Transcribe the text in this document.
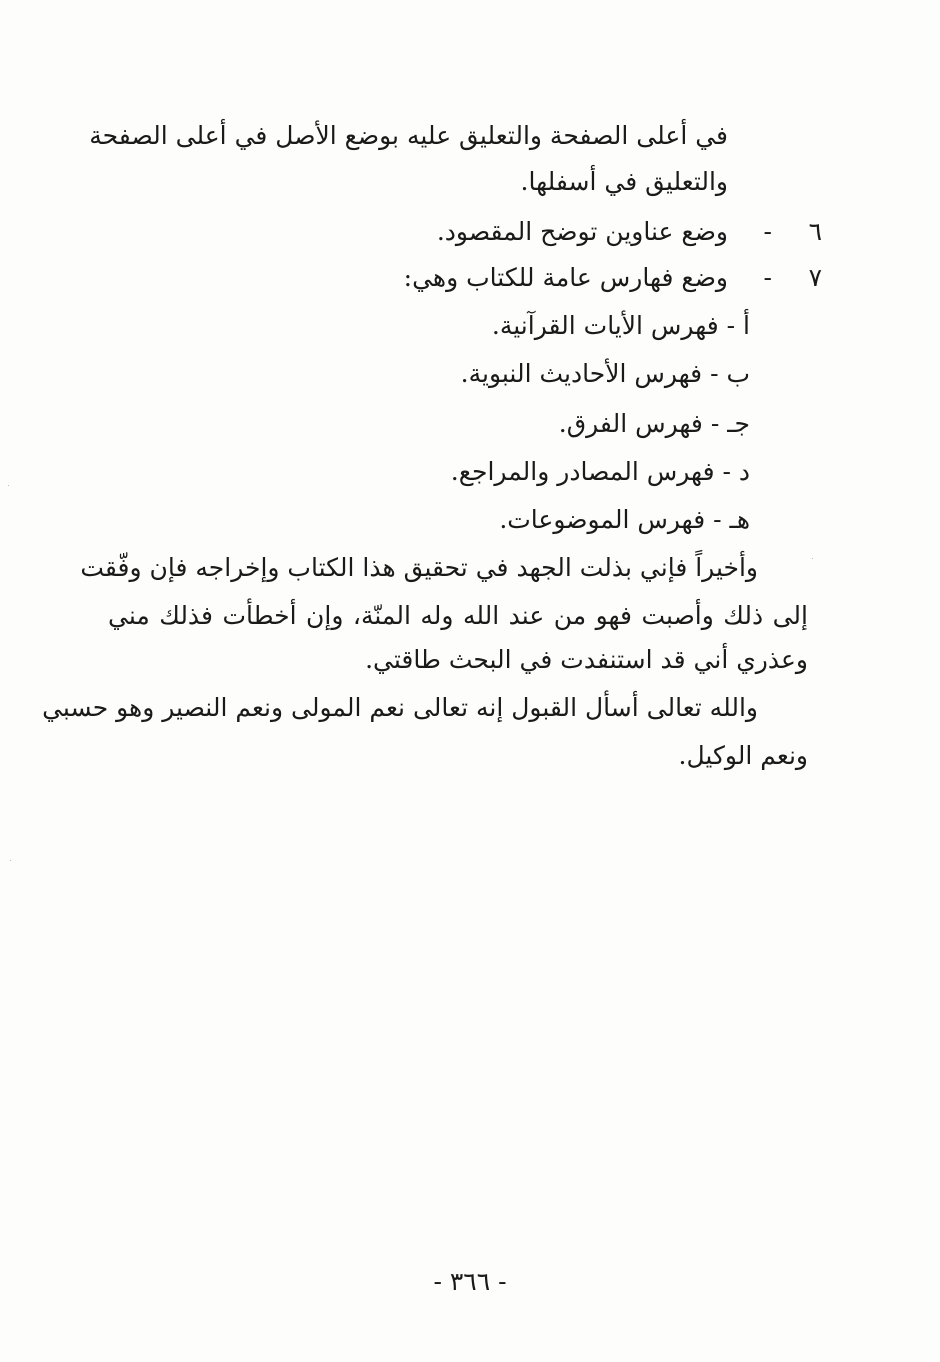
في أعلى الصفحة والتعليق عليه بوضع الأصل في أعلى الصفحة
والتعليق في أسفلها.
٦
-
وضع عناوين توضح المقصود.
٧
-
وضع فهارس عامة للكتاب وهي:
أ - فهرس الأيات القرآنية.
ب - فهرس الأحاديث النبوية.
جـ - فهرس الفرق.
د - فهرس المصادر والمراجع.
هـ - فهرس الموضوعات.
وأخيراً فإني بذلت الجهد في تحقيق هذا الكتاب وإخراجه فإن وفّقت
إلى ذلك وأصبت فهو من عند الله وله المنّة، وإن أخطأت فذلك مني
وعذري أني قد استنفدت في البحث طاقتي.
والله تعالى أسأل القبول إنه تعالى نعم المولى ونعم النصير وهو حسبي
ونعم الوكيل.
- ٣٦٦ -
